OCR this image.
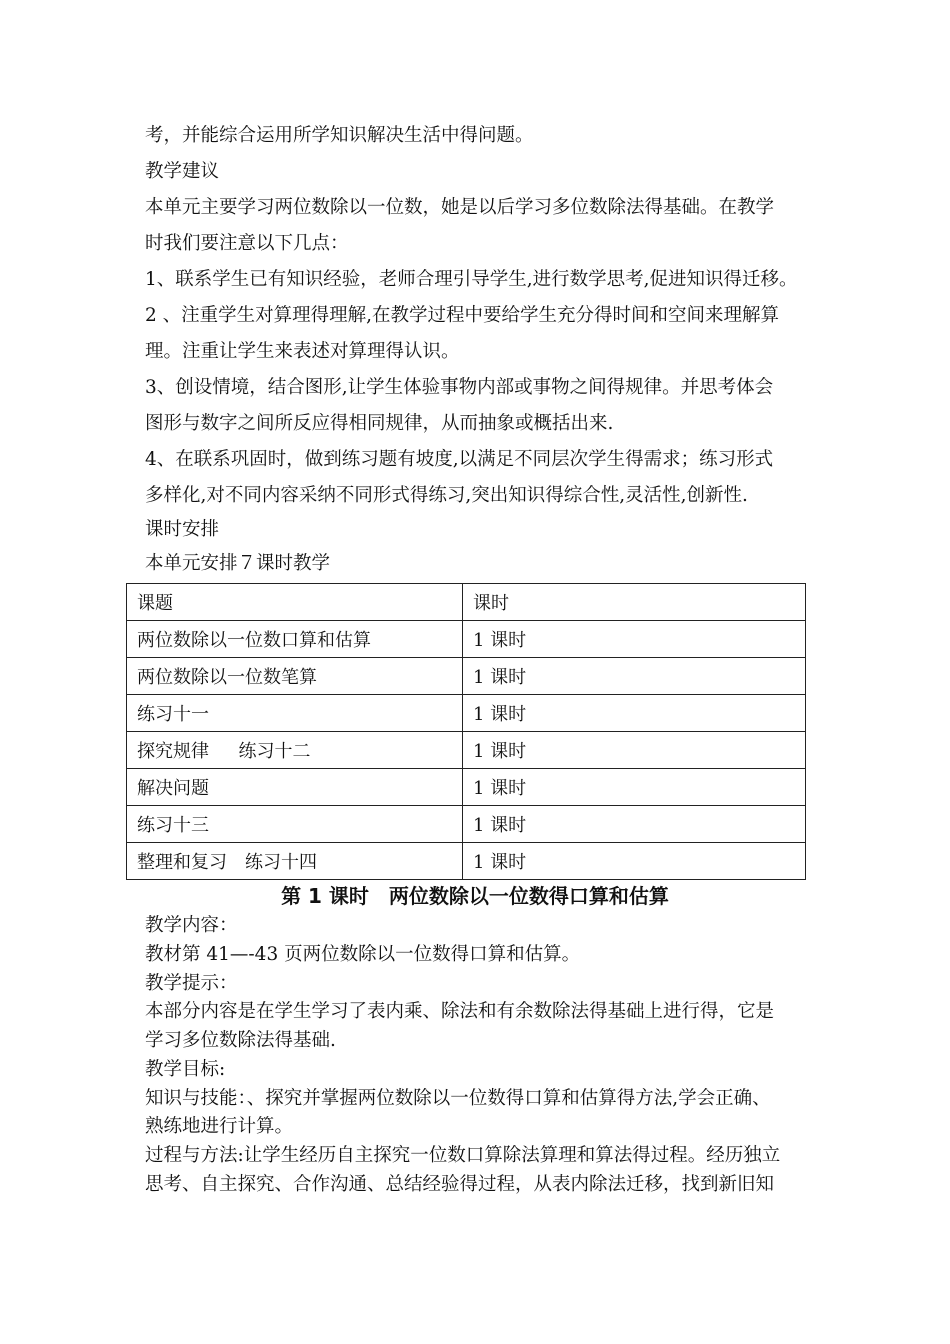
考，并能综合运用所学知识解决生活中得问题。
教学建议
本单元主要学习两位数除以一位数，她是以后学习多位数除法得基础。在教学
时我们要注意以下几点：
1、联系学生已有知识经验，老师合理引导学生,进行数学思考,促进知识得迁移。
2 、注重学生对算理得理解,在教学过程中要给学生充分得时间和空间来理解算
理。注重让学生来表述对算理得认识。
3、创设情境，结合图形,让学生体验事物内部或事物之间得规律。并思考体会
图形与数字之间所反应得相同规律，从而抽象或概括出来.
4、在联系巩固时，做到练习题有坡度,以满足不同层次学生得需求；练习形式
多样化,对不同内容采纳不同形式得练习,突出知识得综合性,灵活性,创新性.
课时安排
本单元安排７课时教学
课题	课时
两位数除以一位数口算和估算	1 课时
两位数除以一位数笔算	1 课时
练习十一	1 课时
探究规律　  练习十二	1 课时
解决问题	1 课时
练习十三	1 课时
整理和复习　练习十四	1 课时
第 1 课时　两位数除以一位数得口算和估算
教学内容：
教材第 41—-43 页两位数除以一位数得口算和估算。
教学提示：
本部分内容是在学生学习了表内乘、除法和有余数除法得基础上进行得，它是
学习多位数除法得基础.
教学目标:
知识与技能：、探究并掌握两位数除以一位数得口算和估算得方法,学会正确、
熟练地进行计算。
过程与方法:让学生经历自主探究一位数口算除法算理和算法得过程。经历独立
思考、自主探究、合作沟通、总结经验得过程，从表内除法迁移，找到新旧知
